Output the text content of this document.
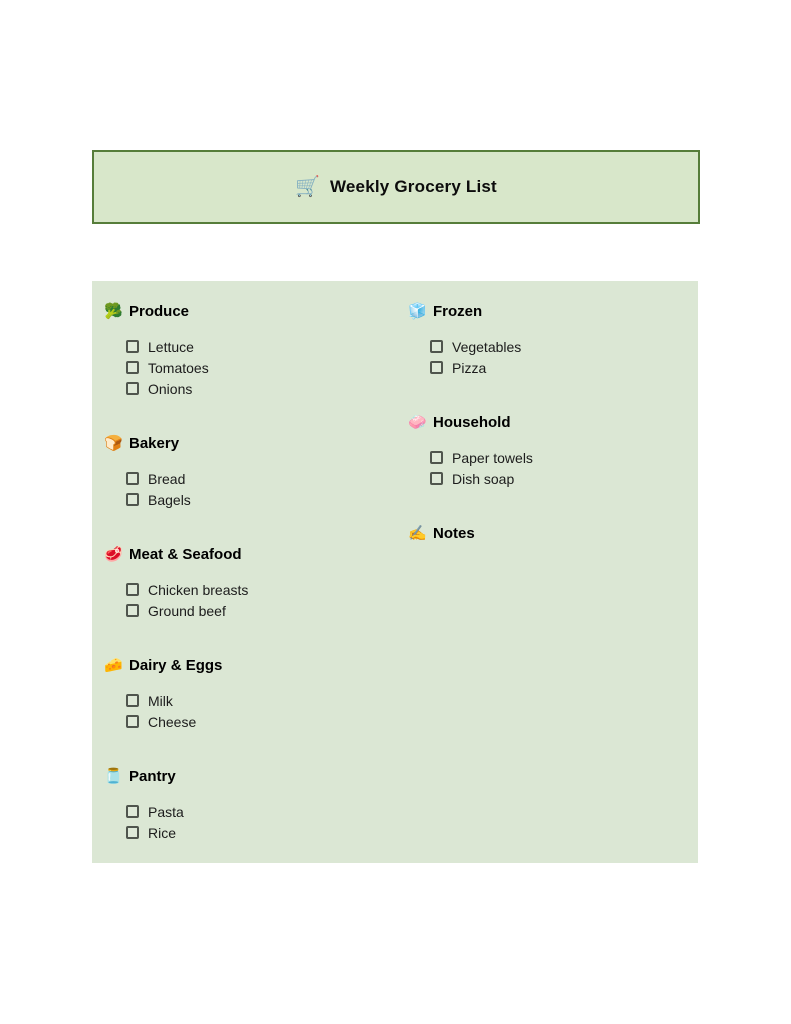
🛒 Weekly Grocery List
🥦 Produce
Lettuce
Tomatoes
Onions
🍞 Bakery
Bread
Bagels
🥩 Meat & Seafood
Chicken breasts
Ground beef
🧀 Dairy & Eggs
Milk
Cheese
🫙 Pantry
Pasta
Rice
🧊 Frozen
Vegetables
Pizza
🧼 Household
Paper towels
Dish soap
✍️ Notes
